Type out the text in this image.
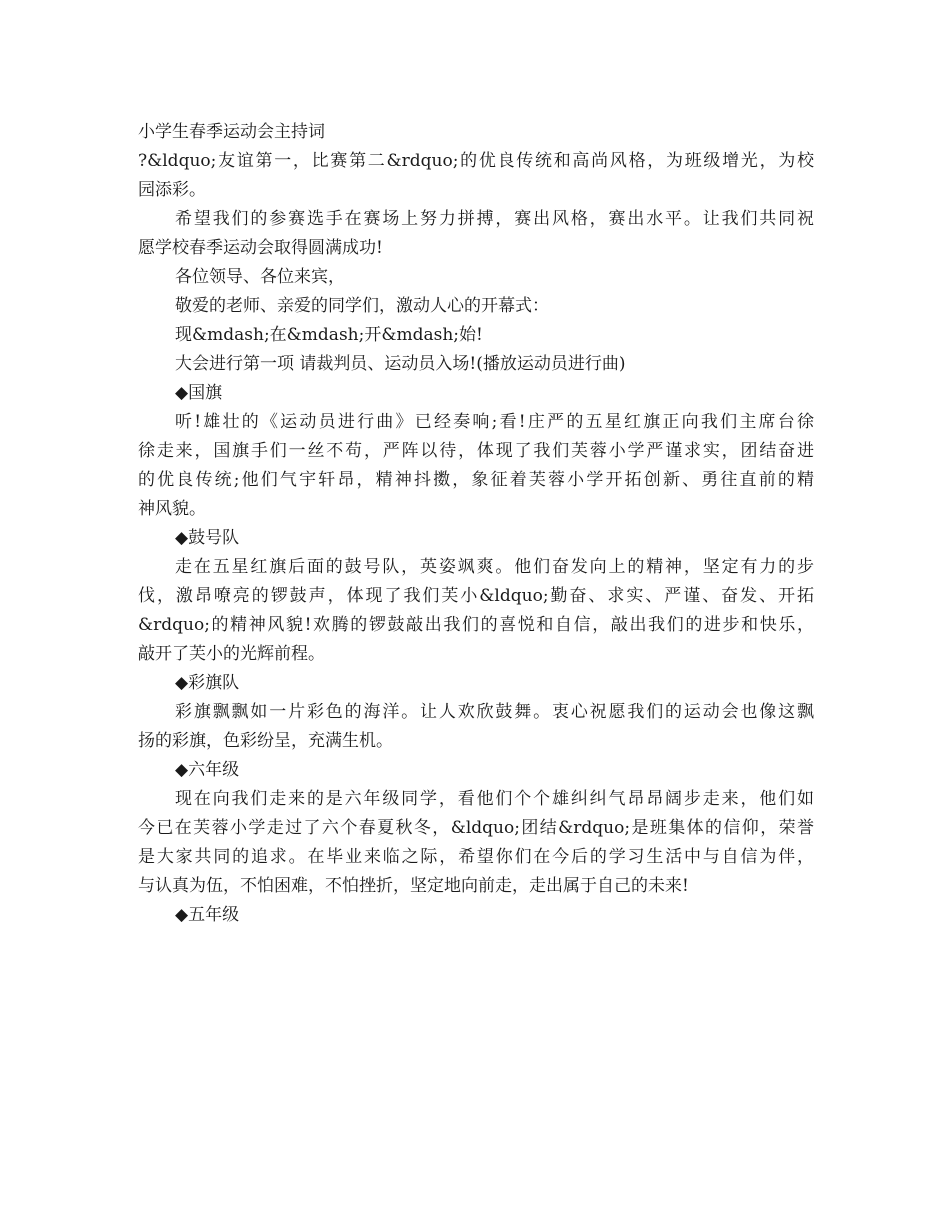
小学生春季运动会主持词

?&ldquo;友谊第一，比赛第二&rdquo;的优良传统和高尚风格，为班级增光，为校

园添彩。

希望我们的参赛选手在赛场上努力拼搏，赛出风格，赛出水平。让我们共同祝

愿学校春季运动会取得圆满成功!

各位领导、各位来宾，

敬爱的老师、亲爱的同学们，激动人心的开幕式：

现&mdash;在&mdash;开&mdash;始!

大会进行第一项 请裁判员、运动员入场!(播放运动员进行曲)

◆国旗

听!雄壮的《运动员进行曲》已经奏响;看!庄严的五星红旗正向我们主席台徐

徐走来，国旗手们一丝不苟，严阵以待，体现了我们芙蓉小学严谨求实，团结奋进

的优良传统;他们气宇轩昂，精神抖擞，象征着芙蓉小学开拓创新、勇往直前的精

神风貌。

◆鼓号队

走在五星红旗后面的鼓号队，英姿飒爽。他们奋发向上的精神，坚定有力的步

伐，激昂嘹亮的锣鼓声，体现了我们芙小&ldquo;勤奋、求实、严谨、奋发、开拓

&rdquo;的精神风貌!欢腾的锣鼓敲出我们的喜悦和自信，敲出我们的进步和快乐，

敲开了芙小的光辉前程。

◆彩旗队

彩旗飘飘如一片彩色的海洋。让人欢欣鼓舞。衷心祝愿我们的运动会也像这飘

扬的彩旗，色彩纷呈，充满生机。

◆六年级

现在向我们走来的是六年级同学，看他们个个雄纠纠气昂昂阔步走来，他们如

今已在芙蓉小学走过了六个春夏秋冬，&ldquo;团结&rdquo;是班集体的信仰，荣誉

是大家共同的追求。在毕业来临之际，希望你们在今后的学习生活中与自信为伴，

与认真为伍，不怕困难，不怕挫折，坚定地向前走，走出属于自己的未来!

◆五年级
